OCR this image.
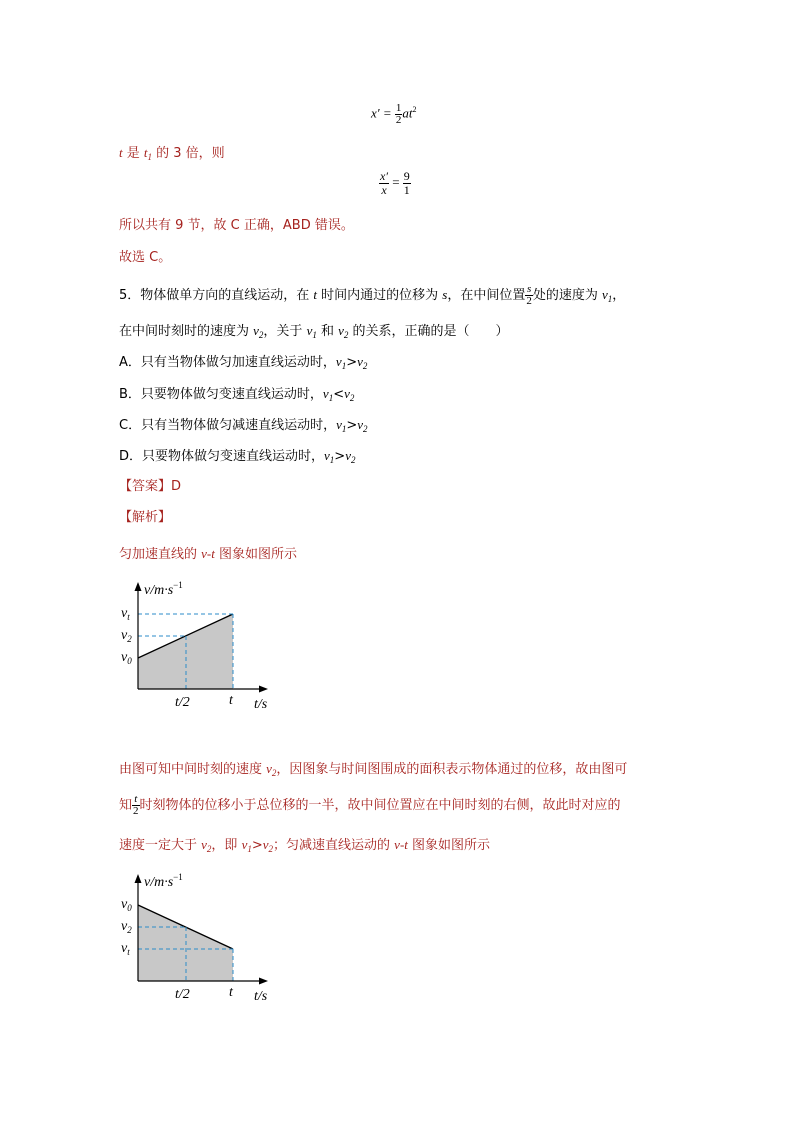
$x' = \frac{1}{2} at^2$
t 是 $t_1$ 的 3 倍，则
$\frac{x'}{x} = \frac{9}{1}$
所以共有 9 节，故 C 正确，ABD 错误。
故选 C。
5．物体做单方向的直线运动，在 t 时间内通过的位移为 s，在中间位置 $\frac{s}{2}$ 处的速度为 $v_1$，
在中间时刻时的速度为 $v_2$，关于 $v_1$ 和 $v_2$ 的关系，正确的是（　　）
A．只有当物体做匀加速直线运动时，$v_1>v_2$
B．只要物体做匀变速直线运动时，$v_1<v_2$
C．只有当物体做匀减速直线运动时，$v_1>v_2$
D．只要物体做匀变速直线运动时，$v_1>v_2$
【答案】D
【解析】
匀加速直线的 v-t 图象如图所示
$v/m\cdot s^{-1}$
$v_t$
$v_2$
$v_0$
t/2	t t/s
由图可知中间时刻的速度 $v_2$，因图象与时间图围成的面积表示物体通过的位移，故由图可
知 $\frac{t}{2}$ 时刻物体的位移小于总位移的一半，故中间位置应在中间时刻的右侧，故此时对应的
速度一定大于 $v_2$，即 $v_1>v_2$；匀减速直线运动的 v-t 图象如图所示
$v/m\cdot s^{-1}$
$v_0$
$v_2$
$v_t$
t/2	t t/s
